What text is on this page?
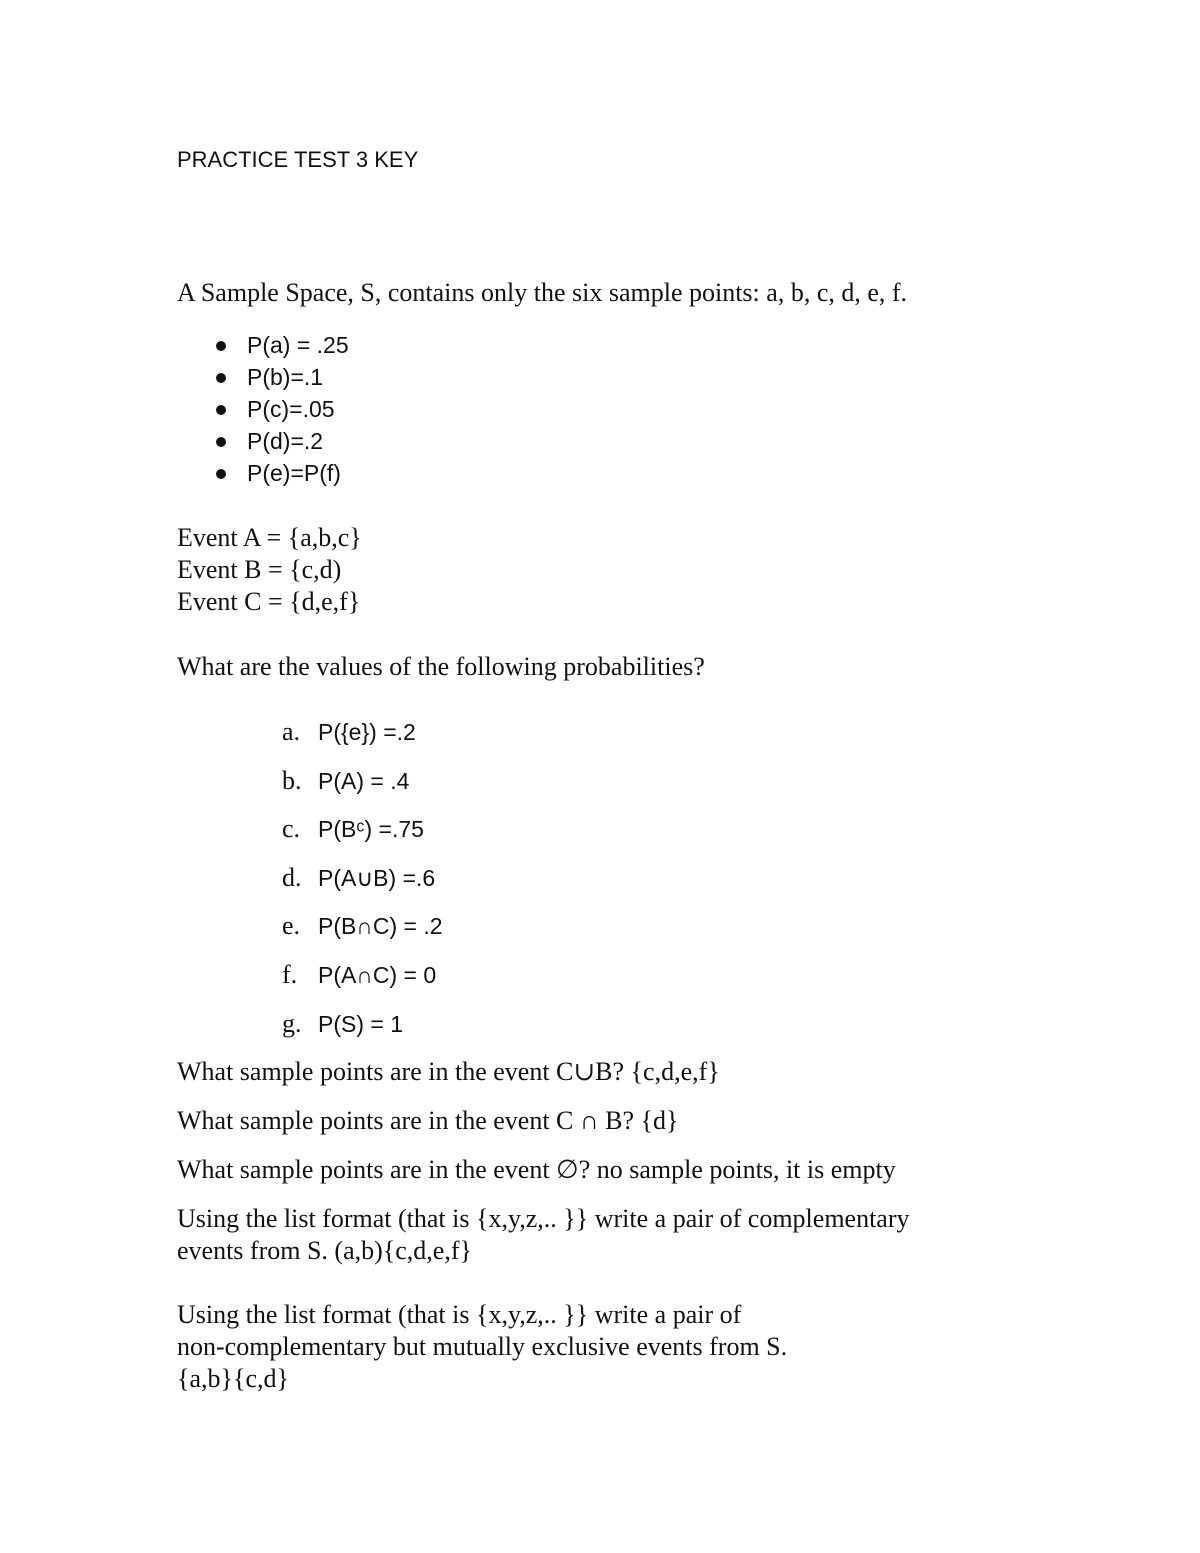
PRACTICE TEST 3 KEY
A Sample Space, S, contains only the six sample points: a, b, c, d, e, f.
P(a) = .25
P(b)=.1
P(c)=.05
P(d)=.2
P(e)=P(f)
Event A = {a,b,c}
Event B = {c,d)
Event C = {d,e,f}
What are the values of the following probabilities?
a. P({e}) =.2
b. P(A) = .4
c. P(Bᶜ) =.75
d. P(A∪B) =.6
e. P(B∩C) = .2
f. P(A∩C) = 0
g. P(S) = 1
What sample points are in the event C∪B? {c,d,e,f}
What sample points are in the event C ∩ B? {d}
What sample points are in the event ∅? no sample points, it is empty
Using the list format (that is {x,y,z,.. }} write a pair of complementary
events from S. (a,b){c,d,e,f}
Using the list format (that is {x,y,z,.. }} write a pair of
non-complementary but mutually exclusive events from S.
{a,b}{c,d}
